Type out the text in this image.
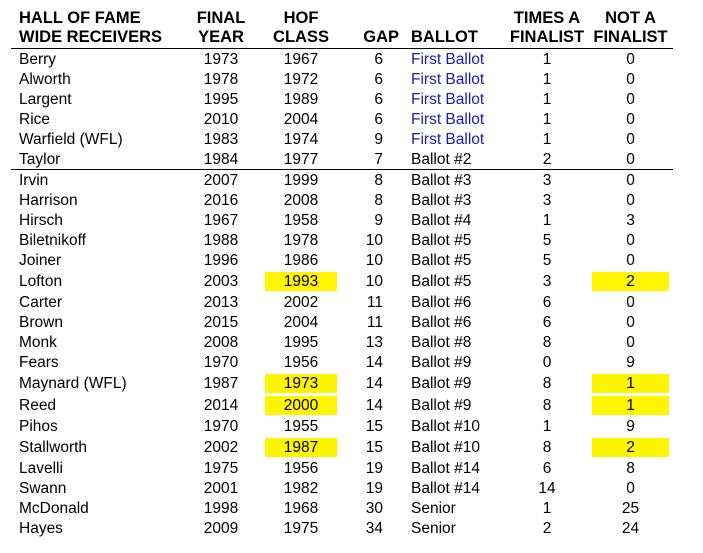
HALL OF FAME	FINAL	HOF			TIMES A	NOT A
WIDE RECEIVERS	YEAR	CLASS	GAP	BALLOT	FINALIST	FINALIST
Berry	1973	1967	6	First Ballot	1	0
Alworth	1978	1972	6	First Ballot	1	0
Largent	1995	1989	6	First Ballot	1	0
Rice	2010	2004	6	First Ballot	1	0
Warfield (WFL)	1983	1974	9	First Ballot	1	0
Taylor	1984	1977	7	Ballot #2	2	0
Irvin	2007	1999	8	Ballot #3	3	0
Harrison	2016	2008	8	Ballot #3	3	0
Hirsch	1967	1958	9	Ballot #4	1	3
Biletnikoff	1988	1978	10	Ballot #5	5	0
Joiner	1996	1986	10	Ballot #5	5	0
Lofton	2003	1993	10	Ballot #5	3	2

Carter	2013	2002	11	Ballot #6	6	0
Brown	2015	2004	11	Ballot #6	6	0
Monk	2008	1995	13	Ballot #8	8	0
Fears	1970	1956	14	Ballot #9	0	9
Maynard (WFL)	1987	1973	14	Ballot #9	8	1

Reed	2014	2000	14	Ballot #9	8	1

Pihos	1970	1955	15	Ballot #10	1	9
Stallworth	2002	1987	15	Ballot #10	8	2

Lavelli	1975	1956	19	Ballot #14	6	8
Swann	2001	1982	19	Ballot #14	14	0
McDonald	1998	1968	30	Senior	1	25
Hayes	2009	1975	34	Senior	2	24
